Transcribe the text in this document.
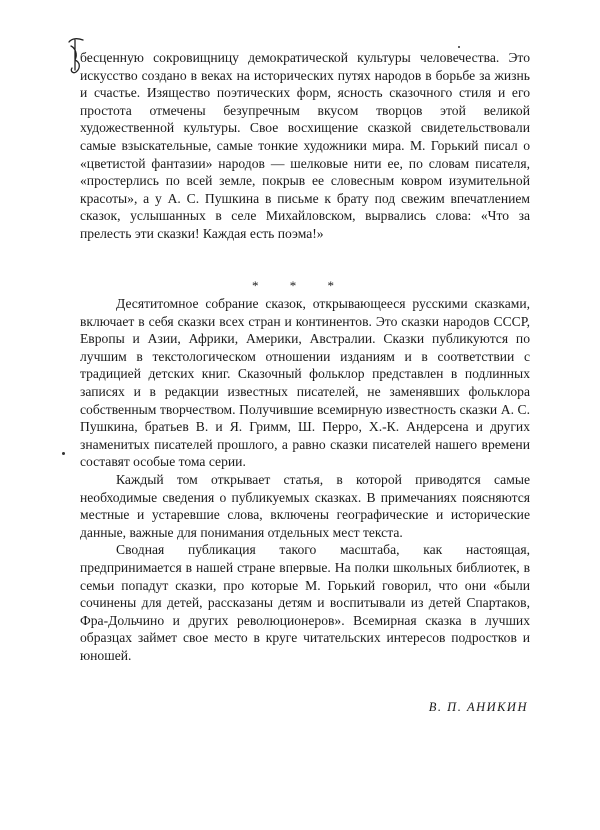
бесценную сокровищницу демократической культуры человечества. Это искусство создано в веках на исторических путях народов в борьбе за жизнь и счастье. Изящество поэтических форм, ясность сказочного стиля и его простота отмечены безупречным вкусом творцов этой великой художественной культуры. Свое восхищение сказкой свидетельствовали самые взыскательные, самые тонкие художники мира. М. Горький писал о «цветистой фантазии» народов — шелковые нити ее, по словам писателя, «простерлись по всей земле, покрыв ее словесным ковром изумительной красоты», а у А. С. Пушкина в письме к брату под свежим впечатлением сказок, услышанных в селе Михайловском, вырвались слова: «Что за прелесть эти сказки! Каждая есть поэма!»

* * *

Десятитомное собрание сказок, открывающееся русскими сказками, включает в себя сказки всех стран и континентов. Это сказки народов СССР, Европы и Азии, Африки, Америки, Австралии. Сказки публикуются по лучшим в текстологическом отношении изданиям и в соответствии с традицией детских книг. Сказочный фольклор представлен в подлинных записях и в редакции известных писателей, не заменявших фольклора собственным творчеством. Получившие всемирную известность сказки А. С. Пушкина, братьев В. и Я. Гримм, Ш. Перро, Х.-К. Андерсена и других знаменитых писателей прошлого, а равно сказки писателей нашего времени составят особые тома серии.

Каждый том открывает статья, в которой приводятся самые необходимые сведения о публикуемых сказках. В примечаниях поясняются местные и устаревшие слова, включены географические и исторические данные, важные для понимания отдельных мест текста.

Сводная публикация такого масштаба, как настоящая, предпринимается в нашей стране впервые. На полки школьных библиотек, в семьи попадут сказки, про которые М. Горький говорил, что они «были сочинены для детей, рассказаны детям и воспитывали из детей Спартаков, Фра-Дольчино и других революционеров». Всемирная сказка в лучших образцах займет свое место в круге читательских интересов подростков и юношей.

В. П. АНИКИН
